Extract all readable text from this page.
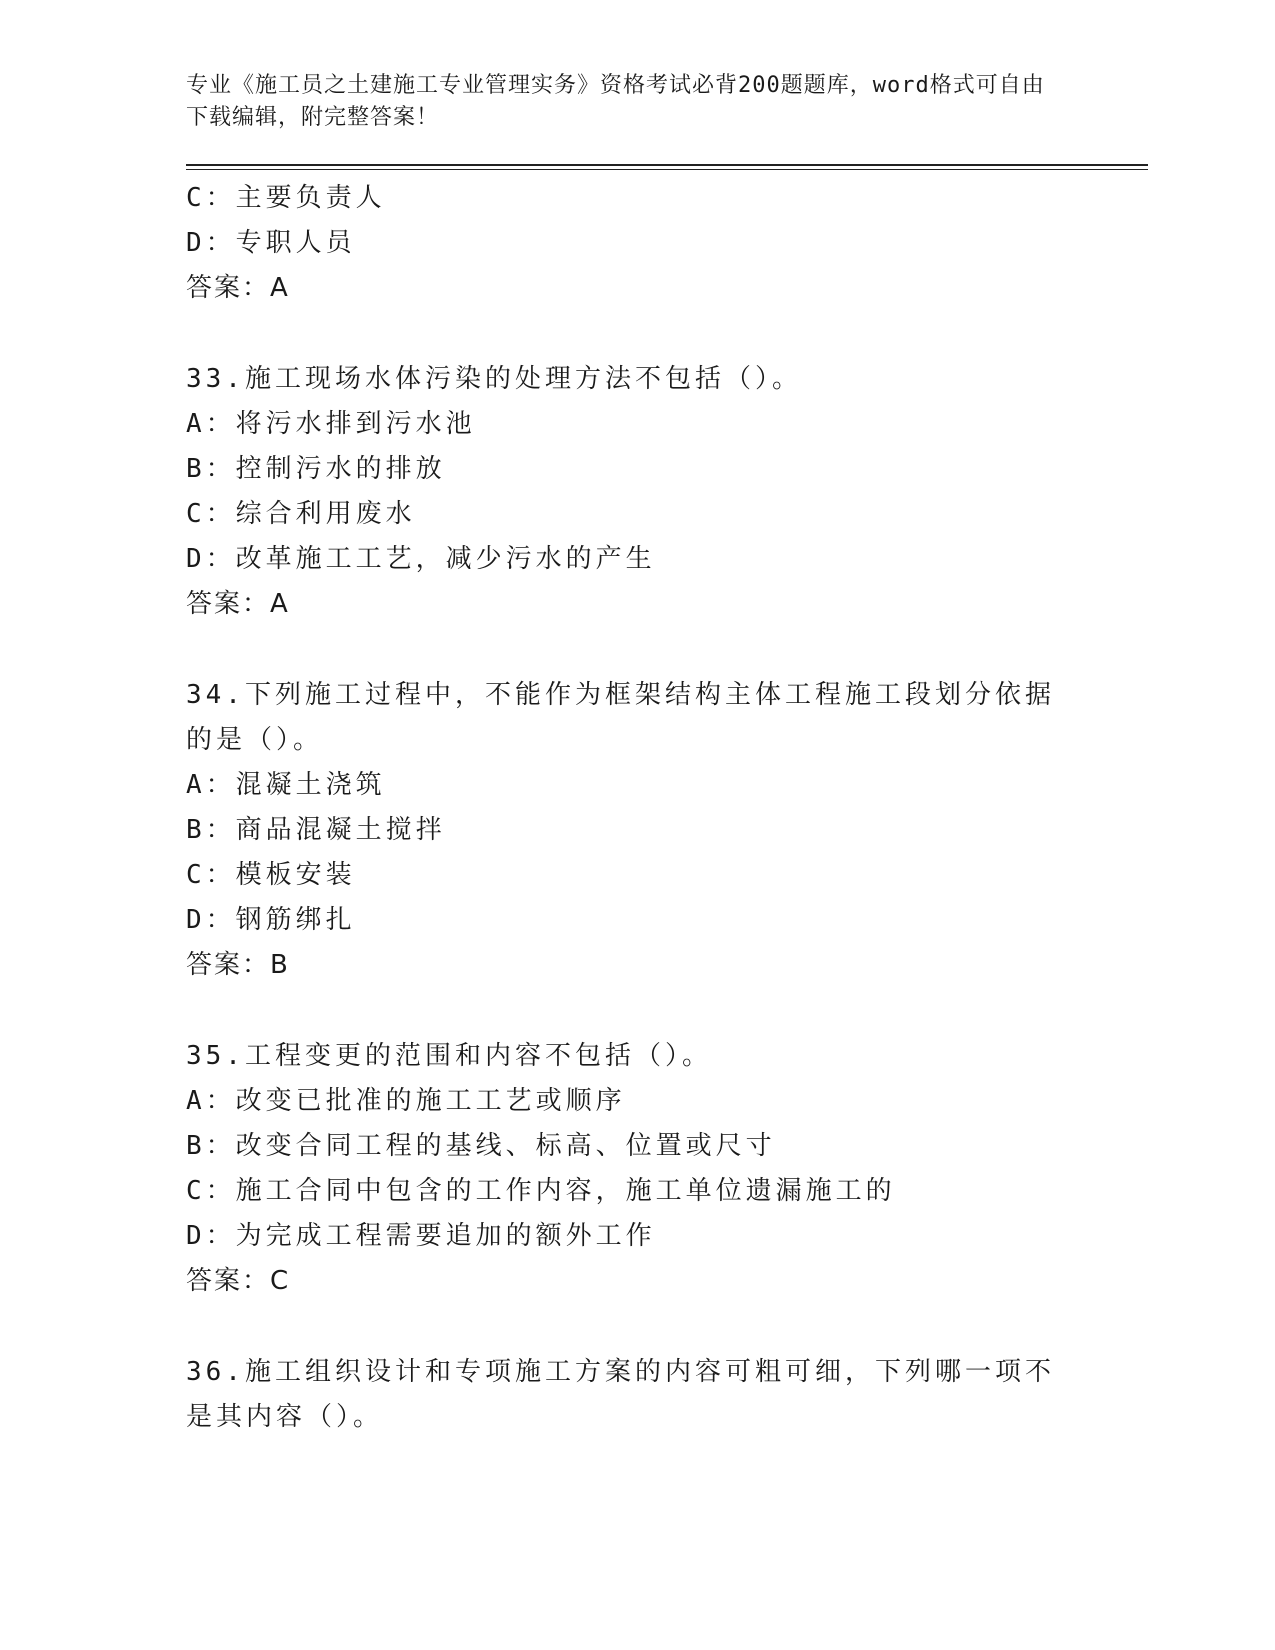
专业《施工员之土建施工专业管理实务》资格考试必背200题题库，word格式可自由下载编辑，附完整答案！

C：主要负责人

D：专职人员

答案：A

33.施工现场水体污染的处理方法不包括（）。

A：将污水排到污水池

B：控制污水的排放

C：综合利用废水

D：改革施工工艺，减少污水的产生

答案：A

34.下列施工过程中，不能作为框架结构主体工程施工段划分依据的是（）。

A：混凝土浇筑

B：商品混凝土搅拌

C：模板安装

D：钢筋绑扎

答案：B

35.工程变更的范围和内容不包括（）。

A：改变已批准的施工工艺或顺序

B：改变合同工程的基线、标高、位置或尺寸

C：施工合同中包含的工作内容，施工单位遗漏施工的

D：为完成工程需要追加的额外工作

答案：C

36.施工组织设计和专项施工方案的内容可粗可细，下列哪一项不是其内容（）。
